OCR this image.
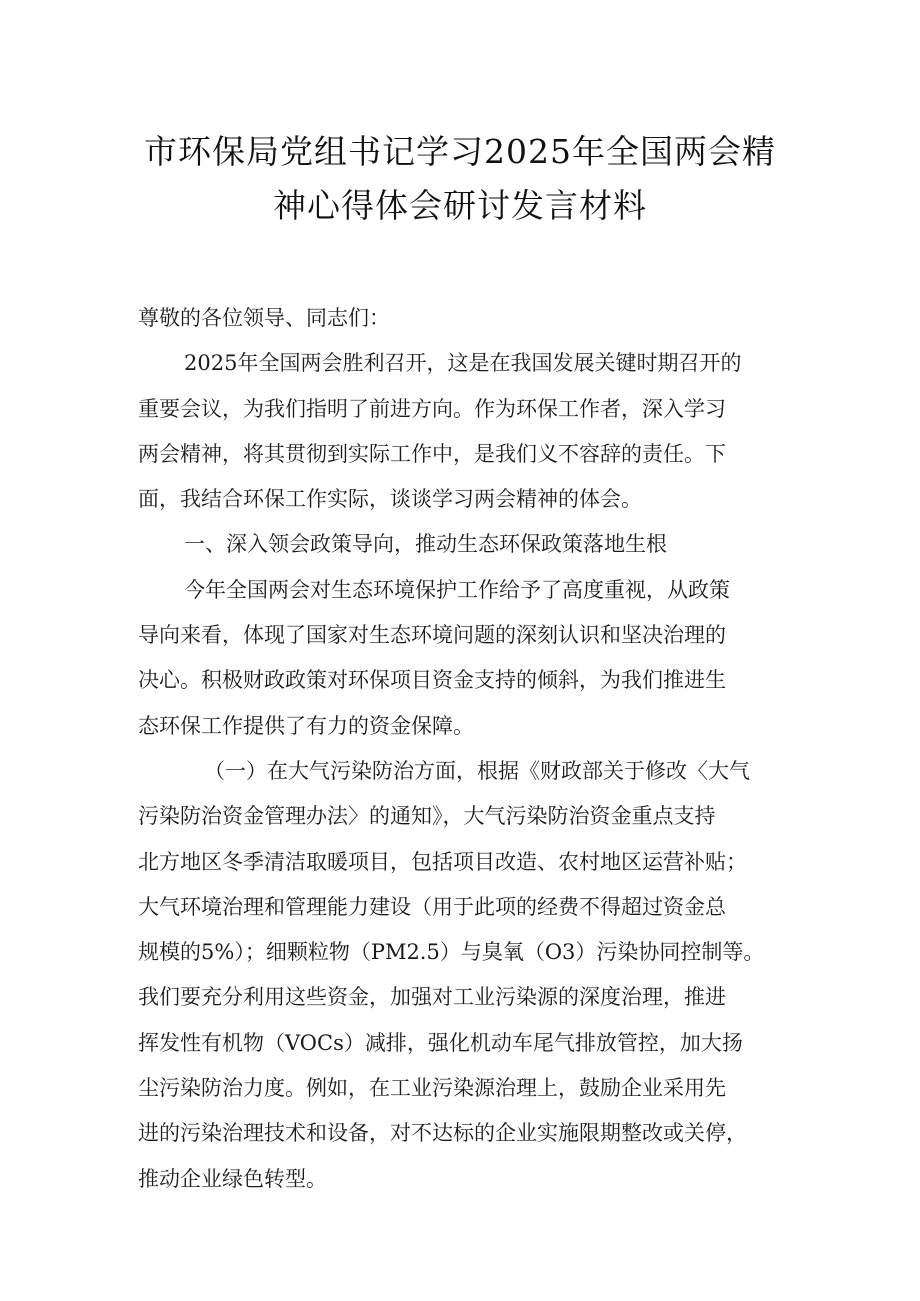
市环保局党组书记学习2025年全国两会精
神心得体会研讨发言材料
尊敬的各位领导、同志们：
2025年全国两会胜利召开，这是在我国发展关键时期召开的
重要会议，为我们指明了前进方向。作为环保工作者，深入学习
两会精神，将其贯彻到实际工作中，是我们义不容辞的责任。下
面，我结合环保工作实际，谈谈学习两会精神的体会。
一、深入领会政策导向，推动生态环保政策落地生根
今年全国两会对生态环境保护工作给予了高度重视，从政策
导向来看，体现了国家对生态环境问题的深刻认识和坚决治理的
决心。积极财政政策对环保项目资金支持的倾斜，为我们推进生
态环保工作提供了有力的资金保障。
（一）在大气污染防治方面，根据《财政部关于修改〈大气
污染防治资金管理办法〉的通知》，大气污染防治资金重点支持
北方地区冬季清洁取暖项目，包括项目改造、农村地区运营补贴；
大气环境治理和管理能力建设（用于此项的经费不得超过资金总
规模的5%）；细颗粒物（PM2.5）与臭氧（O3）污染协同控制等。
我们要充分利用这些资金，加强对工业污染源的深度治理，推进
挥发性有机物（VOCs）减排，强化机动车尾气排放管控，加大扬
尘污染防治力度。例如，在工业污染源治理上，鼓励企业采用先
进的污染治理技术和设备，对不达标的企业实施限期整改或关停，
推动企业绿色转型。
